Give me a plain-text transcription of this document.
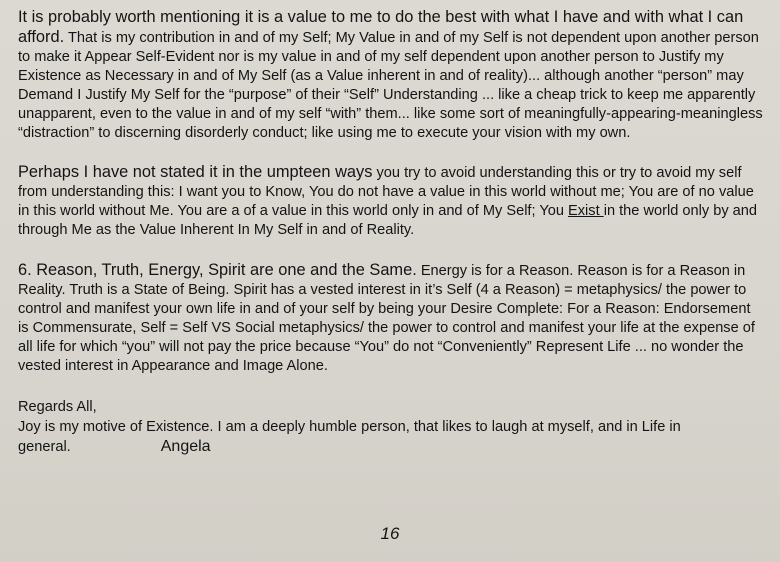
It is probably worth mentioning it is a value to me to do the best with what I have and with what I can afford. That is my contribution in and of my Self; My Value in and of my Self is not dependent upon another person to make it Appear Self-Evident nor is my value in and of my self dependent upon another person to Justify my Existence as Necessary in and of My Self (as a Value inherent in and of reality)... although another “person” may Demand I Justify My Self for the “purpose” of their “Self” Understanding ... like a cheap trick to keep me apparently unapparent, even to the value in and of my self “with” them... like some sort of meaningfully-appearing-meaningless “distraction” to discerning disorderly conduct; like using me to execute your vision with my own.

Perhaps I have not stated it in the umpteen ways you try to avoid understanding this or try to avoid my self from understanding this: I want you to Know, You do not have a value in this world without me; You are of no value in this world without Me. You are a of a value in this world only in and of My Self; You Exist in the world only by and through Me as the Value Inherent In My Self in and of Reality.

6. Reason, Truth, Energy, Spirit are one and the Same. Energy is for a Reason. Reason is for a Reason in Reality. Truth is a State of Being. Spirit has a vested interest in it’s Self (4 a Reason) = metaphysics/ the power to control and manifest your own life in and of your self by being your Desire Complete: For a Reason: Endorsement is Commensurate, Self = Self VS Social metaphysics/ the power to control and manifest your life at the expense of all life for which “you” will not pay the price because “You” do not “Conveniently” Represent Life ... no wonder the vested interest in Appearance and Image Alone.

Regards All,
Joy is my motive of Existence. I am a deeply humble person, that likes to laugh at myself, and in Life in general.	Angela
16
